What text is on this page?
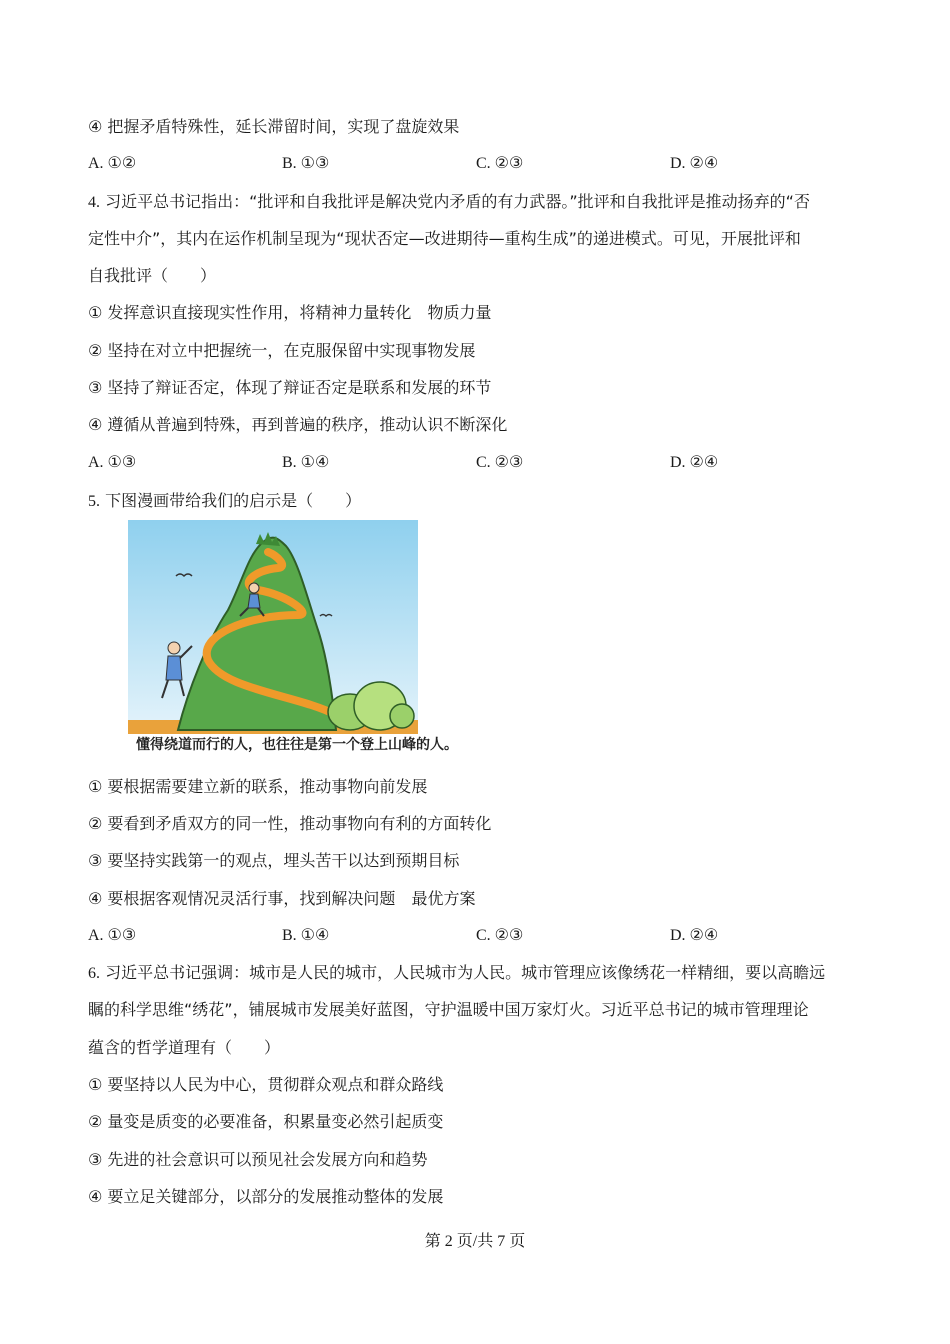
④ 把握矛盾特殊性，延长滞留时间，实现了盘旋效果
A. ①②	B. ①③	C. ②③	D. ②④
4. 习近平总书记指出：“批评和自我批评是解决党内矛盾的有力武器。”批评和自我批评是推动扬弃的“否
定性中介”，其内在运作机制呈现为“现状否定—改进期待—重构生成”的递进模式。可见，开展批评和
自我批评（　　）
① 发挥意识直接现实性作用，将精神力量转化 物质力量
② 坚持在对立中把握统一，在克服保留中实现事物发展
③ 坚持了辩证否定，体现了辩证否定是联系和发展的环节
④ 遵循从普遍到特殊，再到普遍的秩序，推动认识不断深化
A. ①③	B. ①④	C. ②③	D. ②④
5. 下图漫画带给我们的启示是（　　）
懂得绕道而行的人，也往往是第一个登上山峰的人。
① 要根据需要建立新的联系，推动事物向前发展
② 要看到矛盾双方的同一性，推动事物向有利的方面转化
③ 要坚持实践第一的观点，埋头苦干以达到预期目标
④ 要根据客观情况灵活行事，找到解决问题 最优方案
A. ①③	B. ①④	C. ②③	D. ②④
6. 习近平总书记强调：城市是人民的城市，人民城市为人民。城市管理应该像绣花一样精细，要以高瞻远
瞩的科学思维“绣花”，铺展城市发展美好蓝图，守护温暖中国万家灯火。习近平总书记的城市管理理论
蕴含的哲学道理有（　　）
① 要坚持以人民为中心，贯彻群众观点和群众路线
② 量变是质变的必要准备，积累量变必然引起质变
③ 先进的社会意识可以预见社会发展方向和趋势
④ 要立足关键部分，以部分的发展推动整体的发展
第 2 页/共 7 页
